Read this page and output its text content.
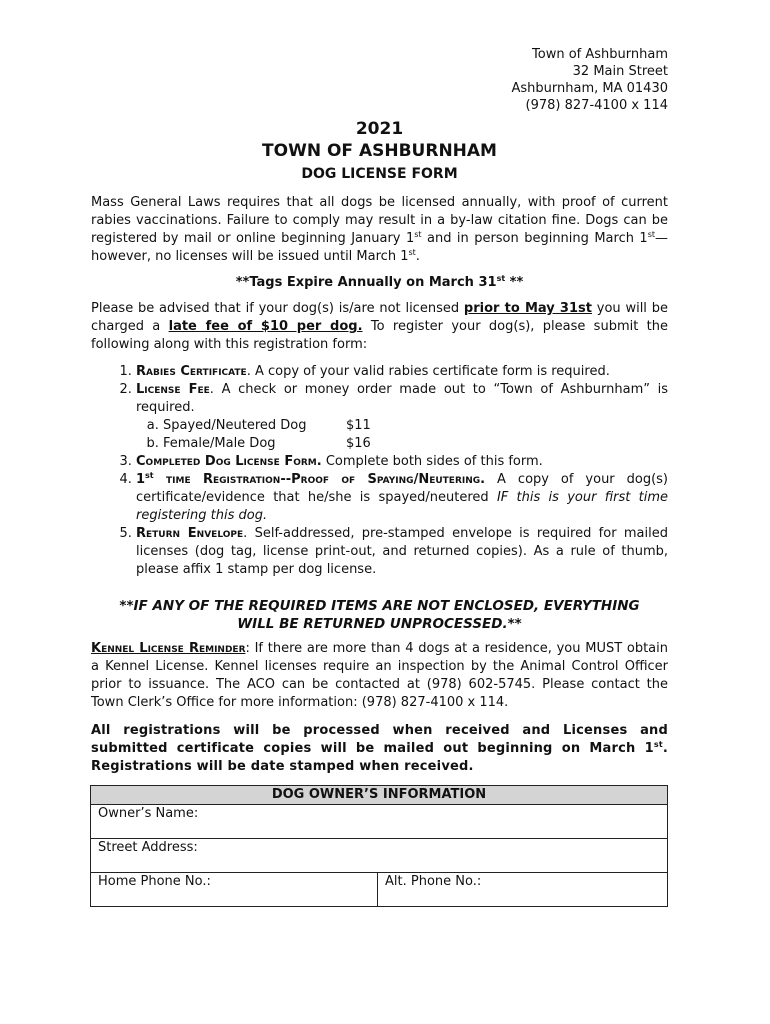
Town of Ashburnham
32 Main Street
Ashburnham, MA 01430
(978) 827-4100 x 114
2021
TOWN OF ASHBURNHAM
DOG LICENSE FORM

Mass General Laws requires that all dogs be licensed annually, with proof of current rabies vaccinations. Failure to comply may result in a by-law citation fine. Dogs can be registered by mail or online beginning January 1st and in person beginning March 1st—however, no licenses will be issued until March 1st.

**Tags Expire Annually on March 31st **

Please be advised that if your dog(s) is/are not licensed prior to May 31st you will be charged a late fee of $10 per dog. To register your dog(s), please submit the following along with this registration form:

1. Rabies Certificate. A copy of your valid rabies certificate form is required.
2. License Fee. A check or money order made out to “Town of Ashburnham” is required.
a. Spayed/Neutered Dog	$11
b. Female/Male Dog	$16
3. Completed Dog License Form. Complete both sides of this form.
4. 1st time Registration--Proof of Spaying/Neutering. A copy of your dog(s) certificate/evidence that he/she is spayed/neutered IF this is your first time registering this dog.
5. Return Envelope. Self-addressed, pre-stamped envelope is required for mailed licenses (dog tag, license print-out, and returned copies). As a rule of thumb, please affix 1 stamp per dog license.
**IF ANY OF THE REQUIRED ITEMS ARE NOT ENCLOSED, EVERYTHING
WILL BE RETURNED UNPROCESSED.**

Kennel License Reminder: If there are more than 4 dogs at a residence, you MUST obtain a Kennel License. Kennel licenses require an inspection by the Animal Control Officer prior to issuance. The ACO can be contacted at (978) 602-5745. Please contact the Town Clerk’s Office for more information: (978) 827-4100 x 114.

All registrations will be processed when received and Licenses and submitted certificate copies will be mailed out beginning on March 1st. Registrations will be date stamped when received.

DOG OWNER’S INFORMATION
Owner’s Name:
Street Address:
Home Phone No.:	Alt. Phone No.:
